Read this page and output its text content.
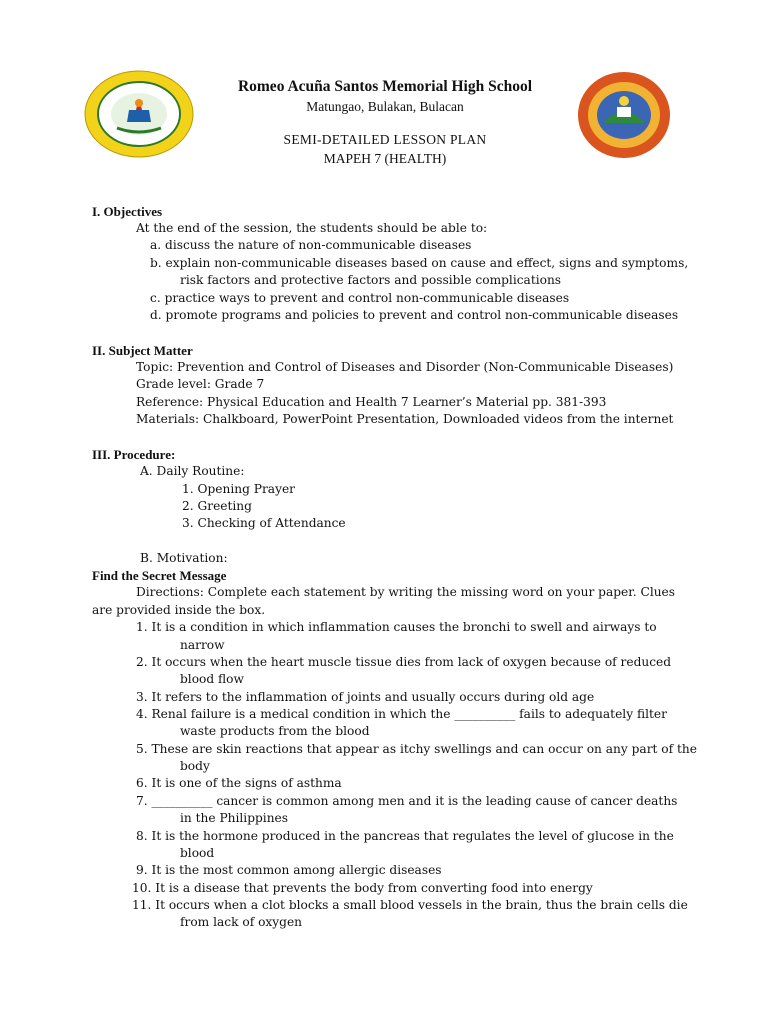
Romeo Acuña Santos Memorial High School
Matungao, Bulakan, Bulacan
SEMI-DETAILED LESSON PLAN
MAPEH 7 (HEALTH)
I. Objectives
At the end of the session, the students should be able to:
a. discuss the nature of non-communicable diseases
b. explain non-communicable diseases based on cause and effect, signs and symptoms,
risk factors and protective factors and possible complications
c. practice ways to prevent and control non-communicable diseases
d. promote programs and policies to prevent and control non-communicable diseases
II. Subject Matter
Topic: Prevention and Control of Diseases and Disorder (Non-Communicable Diseases)
Grade level: Grade 7
Reference: Physical Education and Health 7 Learner’s Material pp. 381-393
Materials: Chalkboard, PowerPoint Presentation, Downloaded videos from the internet
III. Procedure:
A. Daily Routine:
1. Opening Prayer
2. Greeting
3. Checking of Attendance
B. Motivation:
Find the Secret Message
Directions: Complete each statement by writing the missing word on your paper. Clues
are provided inside the box.
1. It is a condition in which inflammation causes the bronchi to swell and airways to
narrow
2. It occurs when the heart muscle tissue dies from lack of oxygen because of reduced
blood flow
3. It refers to the inflammation of joints and usually occurs during old age
4. Renal failure is a medical condition in which the __________ fails to adequately filter
waste products from the blood
5. These are skin reactions that appear as itchy swellings and can occur on any part of the
body
6. It is one of the signs of asthma
7. __________ cancer is common among men and it is the leading cause of cancer deaths
in the Philippines
8. It is the hormone produced in the pancreas that regulates the level of glucose in the
blood
9. It is the most common among allergic diseases
10. It is a disease that prevents the body from converting food into energy
11. It occurs when a clot blocks a small blood vessels in the brain, thus the brain cells die
from lack of oxygen
